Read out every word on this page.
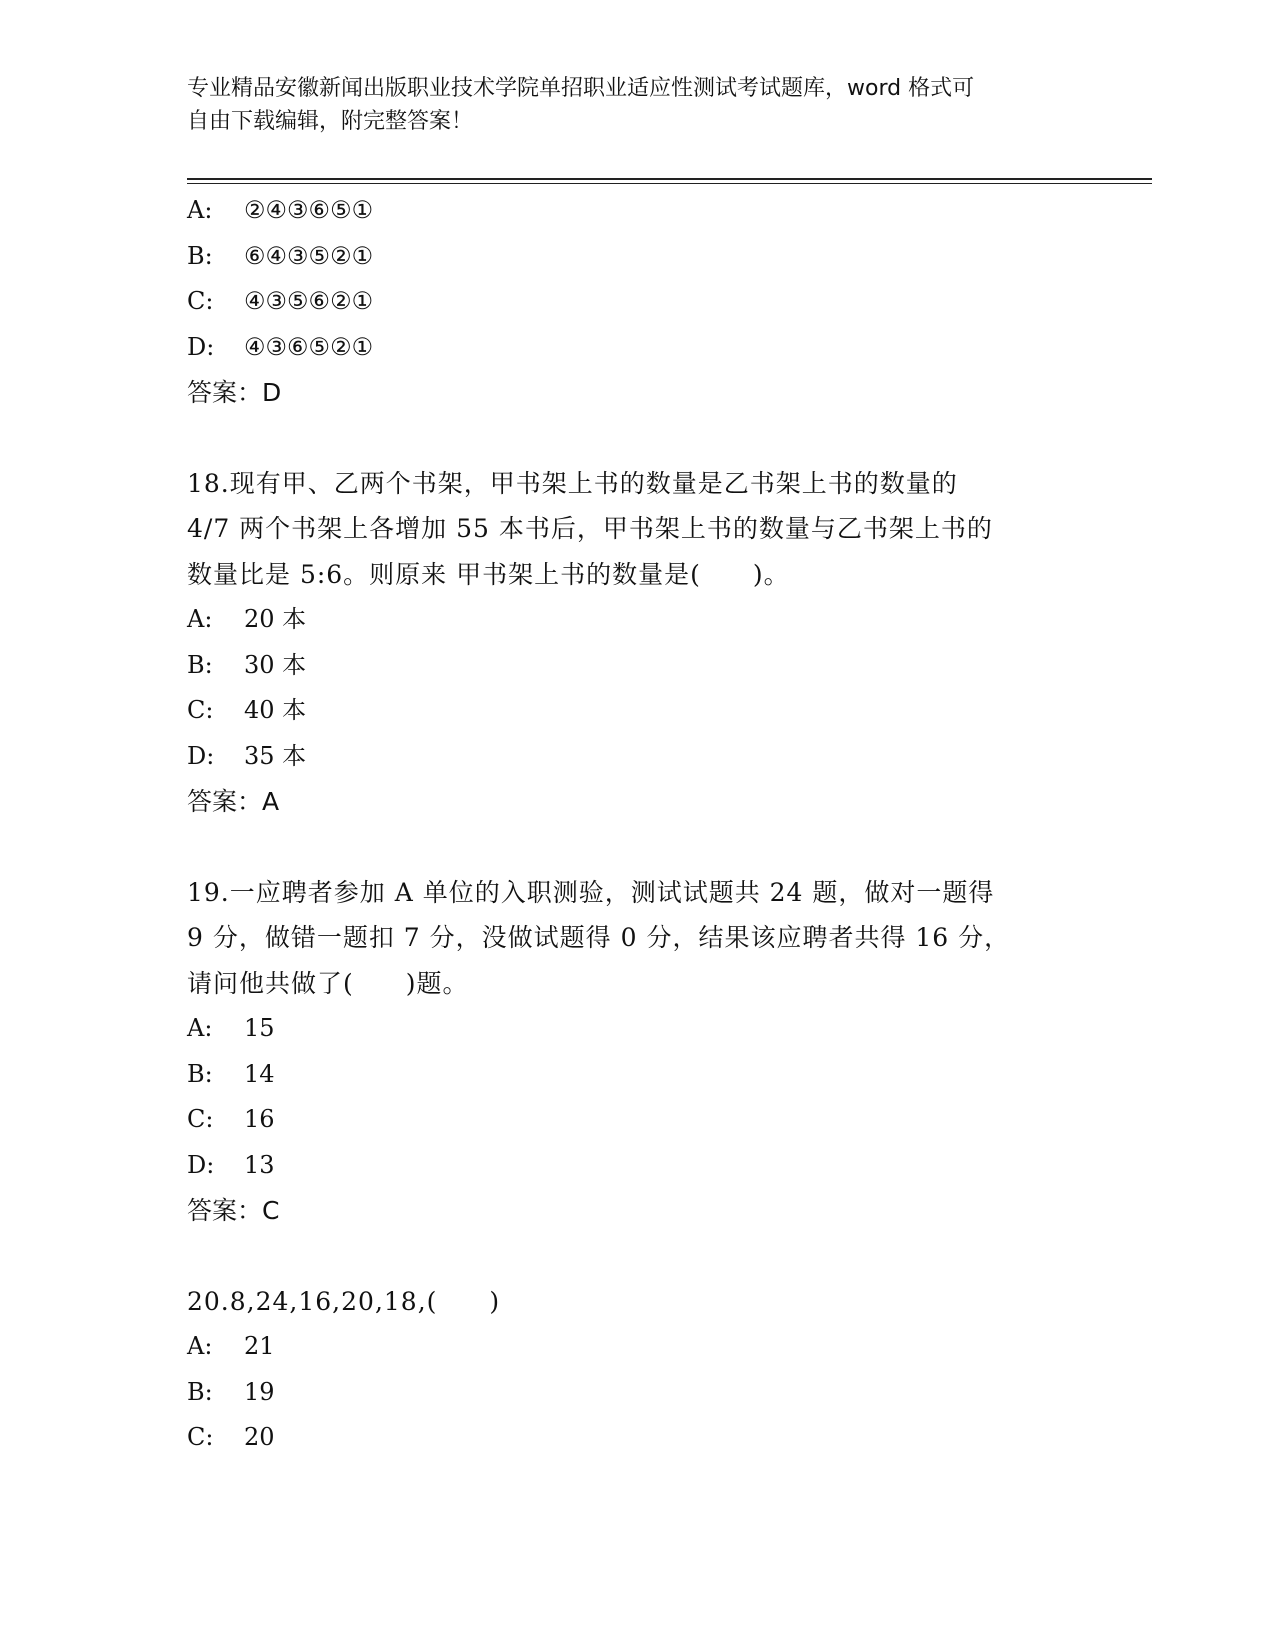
专业精品安徽新闻出版职业技术学院单招职业适应性测试考试题库，word 格式可
自由下载编辑，附完整答案！
A: ②④③⑥⑤①
B: ⑥④③⑤②①
C: ④③⑤⑥②①
D: ④③⑥⑤②①
答案：D
18.现有甲、乙两个书架，甲书架上书的数量是乙书架上书的数量的
4/7 两个书架上各增加 55 本书后，甲书架上书的数量与乙书架上书的
数量比是 5:6。则原来 甲书架上书的数量是(　　)。
A: 20 本
B: 30 本
C: 40 本
D: 35 本
答案：A
19.一应聘者参加 A 单位的入职测验，测试试题共 24 题，做对一题得
9 分，做错一题扣 7 分，没做试题得 0 分，结果该应聘者共得 16 分，
请问他共做了(　　)题。
A: 15
B: 14
C: 16
D: 13
答案：C
20.8,24,16,20,18,(　　)
A: 21
B: 19
C: 20
